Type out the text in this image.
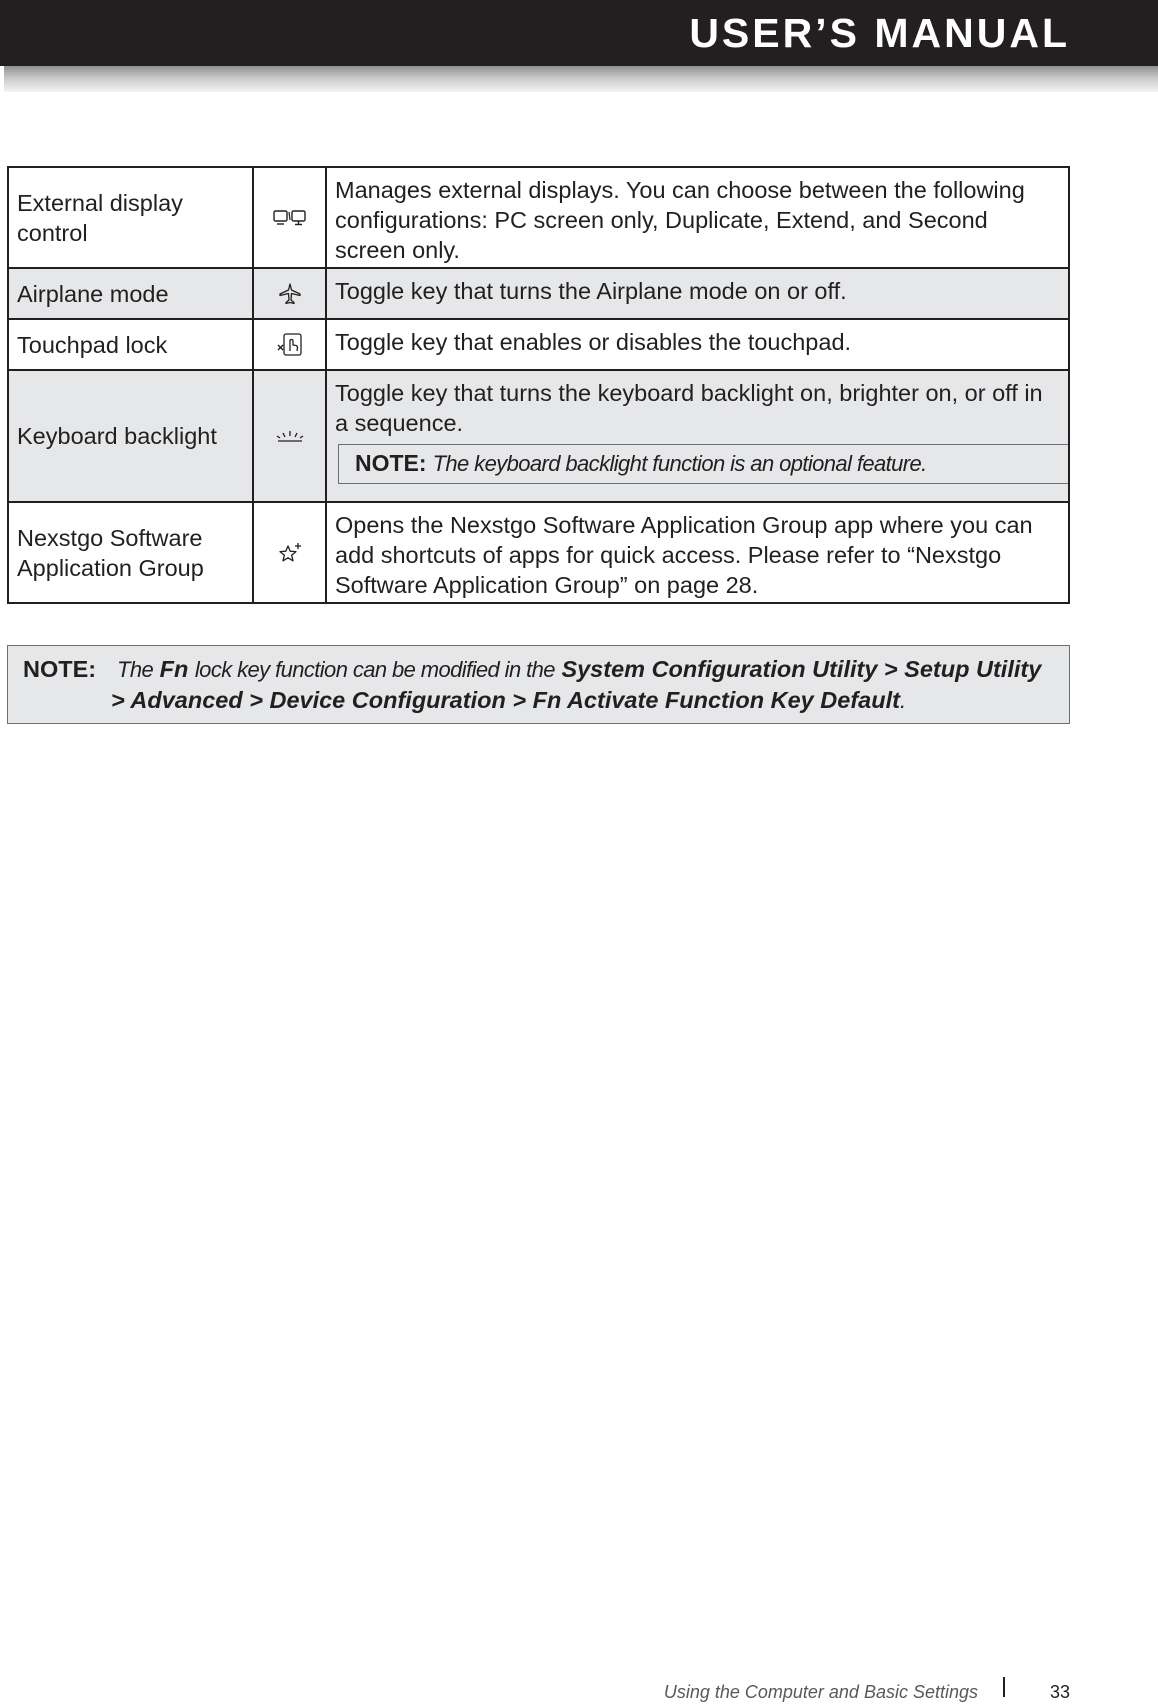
USER’S MANUAL
External display control		Manages external displays. You can choose between the following configurations: PC screen only, Duplicate, Extend, and Second screen only.

Airplane mode		Toggle key that turns the Airplane mode on or off.

Touchpad lock		Toggle key that enables or disables the touchpad.

Keyboard backlight		Toggle key that turns the keyboard backlight on, brighter on, or off in a sequence.
NOTE: The keyboard backlight function is an optional feature.

Nexstgo Software Application Group		Opens the Nexstgo Software Application Group app where you can add shortcuts of apps for quick access. Please refer to “Nexstgo Software Application Group” on page 28.
NOTE: The Fn lock key function can be modified in the System Configuration Utility > Setup Utility
> Advanced > Device Configuration > Fn Activate Function Key Default.
Using the Computer and Basic Settings	33
